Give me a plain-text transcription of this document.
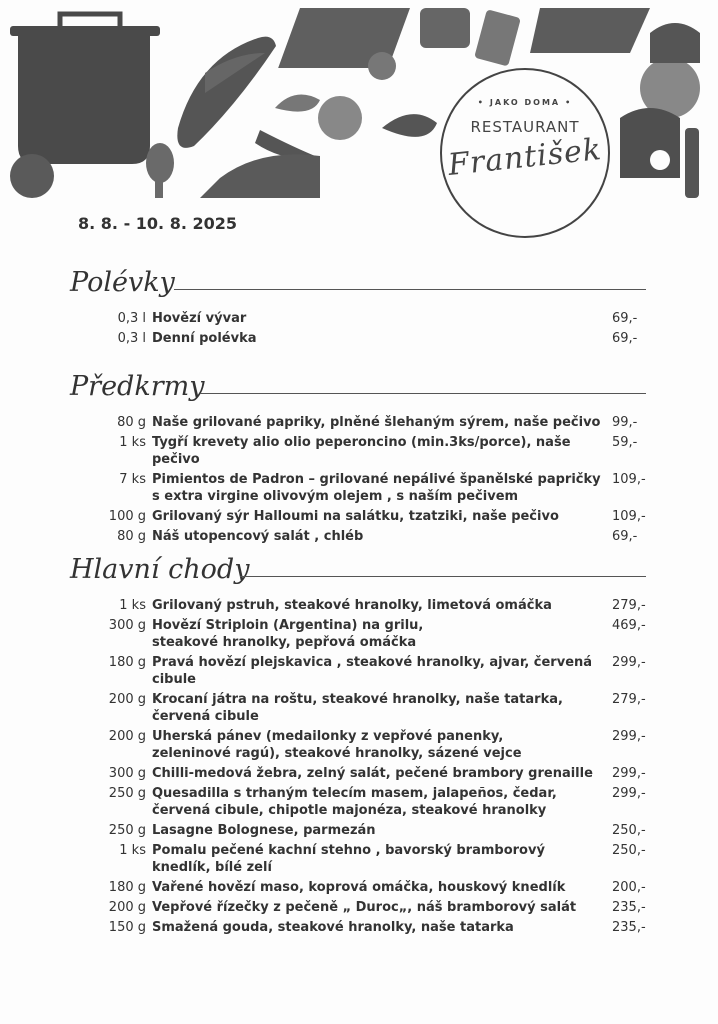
• JAKO DOMA •
RESTAURANT
František
8. 8. - 10. 8. 2025
Polévky
0,3 l Hovězí vývar	69,-
0,3 l Denní polévka	69,-
Předkrmy
80 g Naše grilované papriky, plněné šlehaným sýrem, naše pečivo 99,-
1 ks Tygří krevety alio olio peperoncino (min.3ks/porce), naše pečivo
59,-
7 ks Pimientos de Padron – grilované nepálivé španělské papričky
s extra virgine olivovým olejem , s naším pečivem
109,-
100 g Grilovaný sýr Halloumi na salátku, tzatziki, naše pečivo	109,-
80 g Náš utopencový salát , chléb	69,-
Hlavní chody
1 ks Grilovaný pstruh, steakové hranolky, limetová omáčka	279,-
300 g Hovězí Striploin (Argentina) na grilu,
steakové hranolky, pepřová omáčka
469,-
180 g Pravá hovězí plejskavica , steakové hranolky, ajvar, červená cibule
299,-
200 g Krocaní játra na roštu, steakové hranolky, naše tatarka,
červená cibule
279,-
200 g Uherská pánev (medailonky z vepřové panenky,
zeleninové ragú), steakové hranolky, sázené vejce
299,-
300 g Chilli-medová žebra, zelný salát, pečené brambory grenaille	299,-
250 g Quesadilla s trhaným telecím masem, jalapeños, čedar,
červená cibule, chipotle majonéza, steakové hranolky
299,-
250 g Lasagne Bolognese, parmezán	250,-
1 ks Pomalu pečené kachní stehno , bavorský bramborový
knedlík, bílé zelí
250,-
180 g Vařené hovězí maso, koprová omáčka, houskový knedlík	200,-
200 g Vepřové řízečky z pečeně „ Duroc„, náš bramborový salát	235,-
150 g Smažená gouda, steakové hranolky, naše tatarka	235,-
